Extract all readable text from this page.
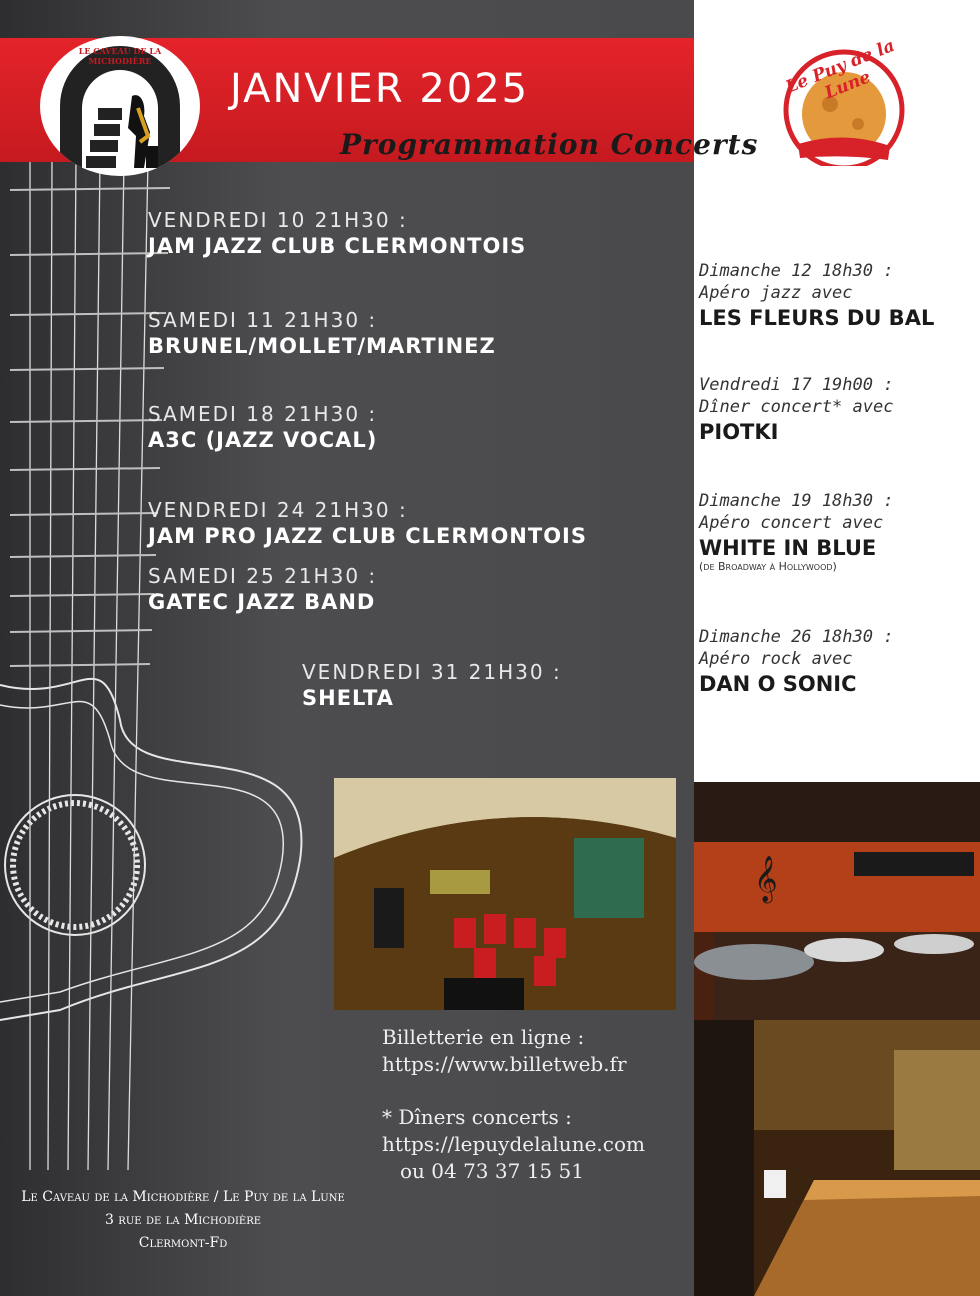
LE CAVEAU DE LA MICHODIÈRE	Le Puy de la Lune
JANVIER 2025
Programmation Concerts
VENDREDI 10 21H30 :
JAM JAZZ CLUB CLERMONTOIS
SAMEDI 11 21H30 :
BRUNEL/MOLLET/MARTINEZ
SAMEDI 18 21H30 :
A3C (JAZZ VOCAL)
VENDREDI 24 21H30 :
JAM PRO JAZZ CLUB CLERMONTOIS
SAMEDI 25 21H30 :
GATEC JAZZ BAND
VENDREDI 31 21H30 :
SHELTA
Dimanche 12 18h30 :
Apéro jazz avec
LES FLEURS DU BAL
Vendredi 17 19h00 :
Dîner concert* avec
PIOTKI
Dimanche 19 18h30 :
Apéro concert avec
WHITE IN BLUE
(de Broadway à Hollywood)
Dimanche 26 18h30 :
Apéro rock avec
DAN O SONIC
𝄞
Billetterie en ligne :
https://www.billetweb.fr
* Dîners concerts :
https://lepuydelalune.com
ou 04 73 37 15 51
Le Caveau de la Michodière / Le Puy de la Lune
3 rue de la Michodière
Clermont-Fd
